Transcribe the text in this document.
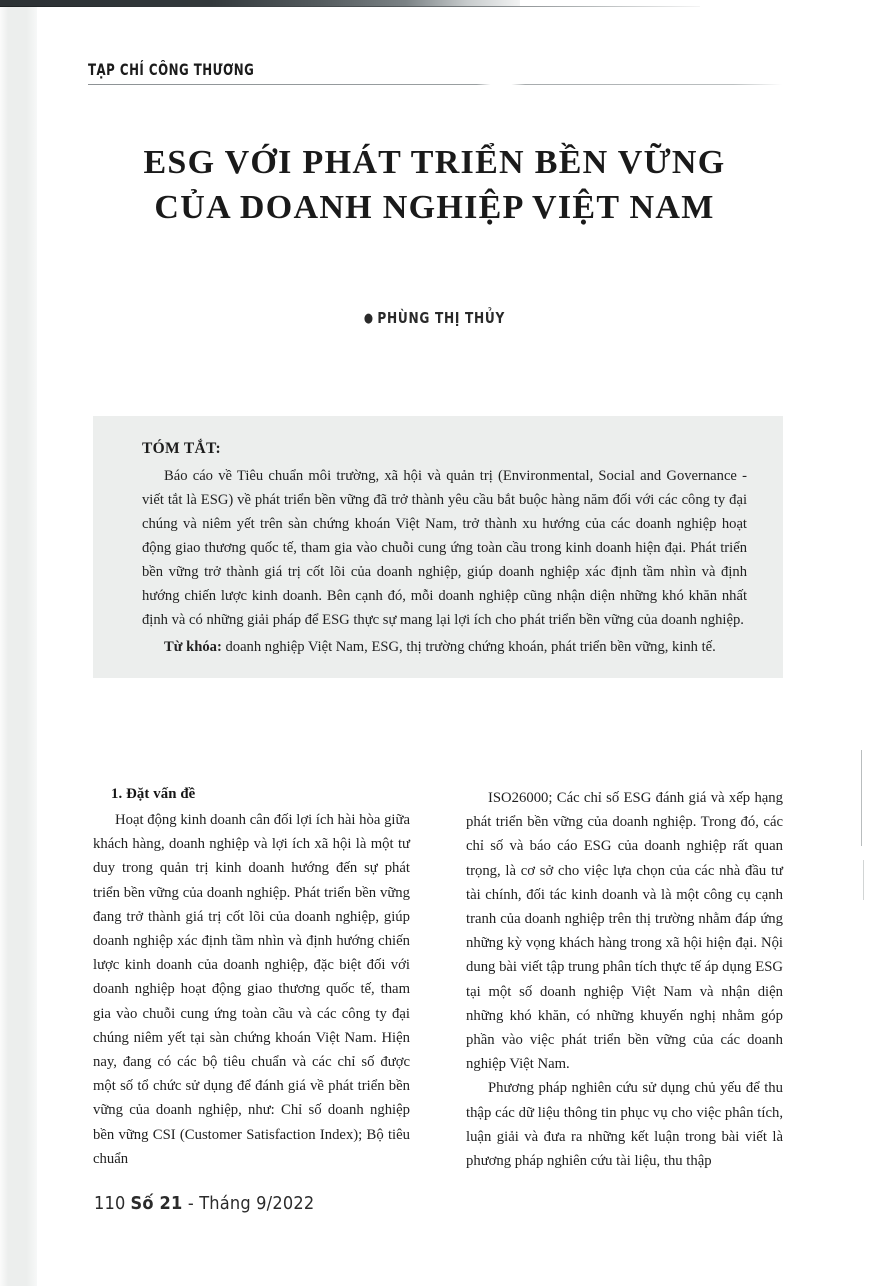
TẠP CHÍ CÔNG THƯƠNG
ESG VỚI PHÁT TRIỂN BỀN VỮNG
CỦA DOANH NGHIỆP VIỆT NAM
● PHÙNG THỊ THỦY
TÓM TẮT:

Báo cáo về Tiêu chuẩn môi trường, xã hội và quản trị (Environmental, Social and Governance - viết tắt là ESG) về phát triển bền vững đã trở thành yêu cầu bắt buộc hàng năm đối với các công ty đại chúng và niêm yết trên sàn chứng khoán Việt Nam, trở thành xu hướng của các doanh nghiệp hoạt động giao thương quốc tế, tham gia vào chuỗi cung ứng toàn cầu trong kinh doanh hiện đại. Phát triển bền vững trở thành giá trị cốt lõi của doanh nghiệp, giúp doanh nghiệp xác định tầm nhìn và định hướng chiến lược kinh doanh. Bên cạnh đó, mỗi doanh nghiệp cũng nhận diện những khó khăn nhất định và có những giải pháp để ESG thực sự mang lại lợi ích cho phát triển bền vững của doanh nghiệp.

Từ khóa: doanh nghiệp Việt Nam, ESG, thị trường chứng khoán, phát triển bền vững, kinh tế.

1. Đặt vấn đề

Hoạt động kinh doanh cân đối lợi ích hài hòa giữa khách hàng, doanh nghiệp và lợi ích xã hội là một tư duy trong quản trị kinh doanh hướng đến sự phát triển bền vững của doanh nghiệp. Phát triển bền vững đang trở thành giá trị cốt lõi của doanh nghiệp, giúp doanh nghiệp xác định tầm nhìn và định hướng chiến lược kinh doanh của doanh nghiệp, đặc biệt đối với doanh nghiệp hoạt động giao thương quốc tế, tham gia vào chuỗi cung ứng toàn cầu và các công ty đại chúng niêm yết tại sàn chứng khoán Việt Nam. Hiện nay, đang có các bộ tiêu chuẩn và các chỉ số được một số tổ chức sử dụng để đánh giá về phát triển bền vững của doanh nghiệp, như: Chỉ số doanh nghiệp bền vững CSI (Customer Satisfaction Index); Bộ tiêu chuẩn

ISO26000; Các chỉ số ESG đánh giá và xếp hạng phát triển bền vững của doanh nghiệp. Trong đó, các chỉ số và báo cáo ESG của doanh nghiệp rất quan trọng, là cơ sở cho việc lựa chọn của các nhà đầu tư tài chính, đối tác kinh doanh và là một công cụ cạnh tranh của doanh nghiệp trên thị trường nhằm đáp ứng những kỳ vọng khách hàng trong xã hội hiện đại. Nội dung bài viết tập trung phân tích thực tế áp dụng ESG tại một số doanh nghiệp Việt Nam và nhận diện những khó khăn, có những khuyến nghị nhằm góp phần vào việc phát triển bền vững của các doanh nghiệp Việt Nam.

Phương pháp nghiên cứu sử dụng chủ yếu để thu thập các dữ liệu thông tin phục vụ cho việc phân tích, luận giải và đưa ra những kết luận trong bài viết là phương pháp nghiên cứu tài liệu, thu thập

110 Số 21 - Tháng 9/2022
